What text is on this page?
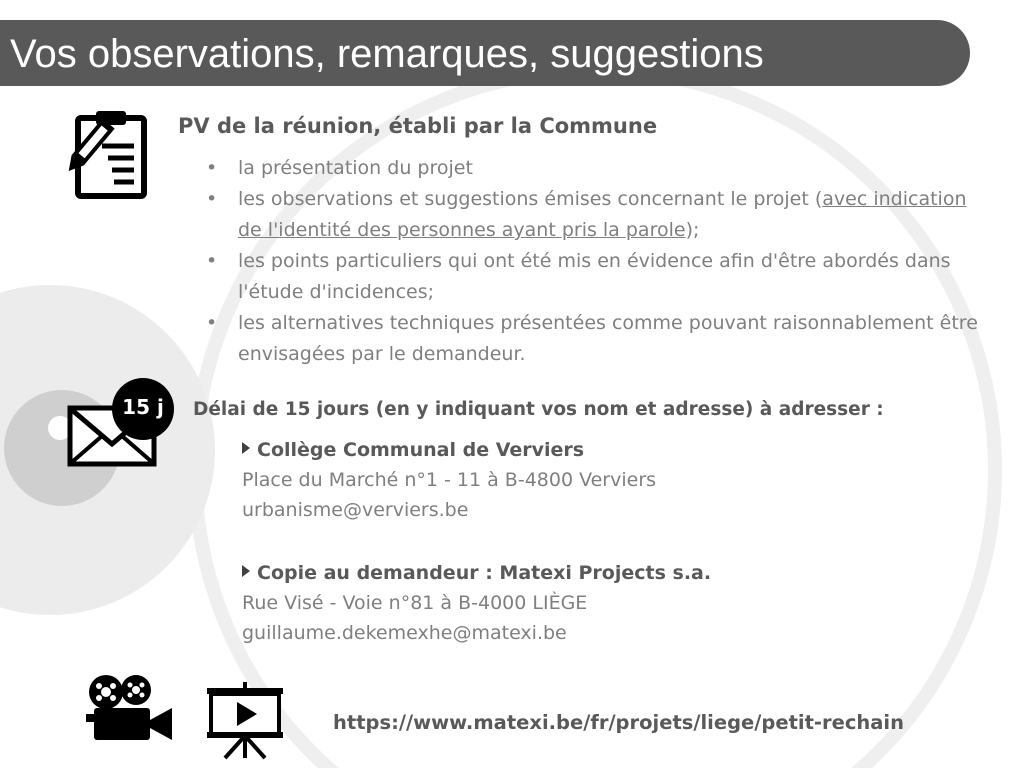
Vos observations, remarques, suggestions
PV de la réunion, établi par la Commune
• la présentation du projet
• les observations et suggestions émises concernant le projet (avec indication de l'identité des personnes ayant pris la parole);
• les points particuliers qui ont été mis en évidence afin d'être abordés dans l'étude d'incidences;
• les alternatives techniques présentées comme pouvant raisonnablement être envisagées par le demandeur.
15 j	Délai de 15 jours (en y indiquant vos nom et adresse) à adresser :
Collège Communal de Verviers
Place du Marché n°1 - 11 à B-4800 Verviers
urbanisme@verviers.be
Copie au demandeur : Matexi Projects s.a.
Rue Visé - Voie n°81 à B-4000 LIÈGE
guillaume.dekemexhe@matexi.be
https://www.matexi.be/fr/projets/liege/petit-rechain
